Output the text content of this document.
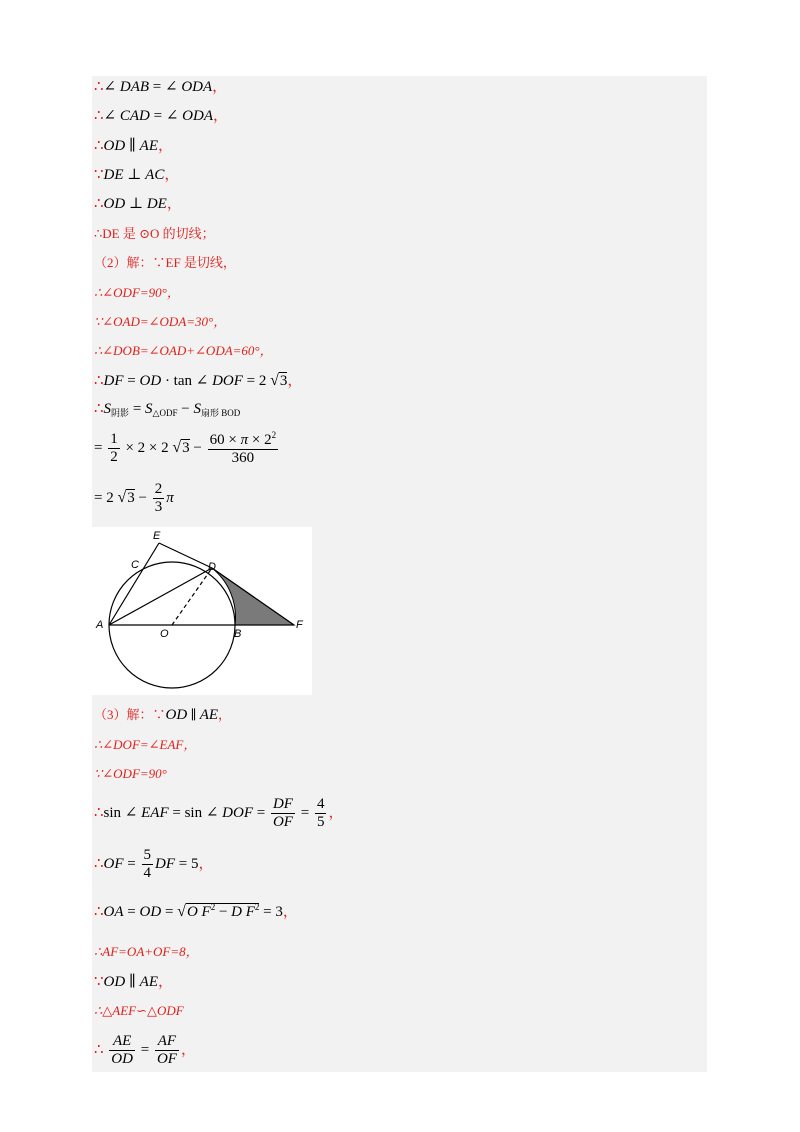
∴∠ DAB = ∠ ODA，
∴∠ CAD = ∠ ODA，
∴OD ∥ AE，
∵DE ⊥ AC，
∴OD ⊥ DE，
∴DE 是 ⊙O 的切线；
（2）解：∵EF 是切线，
∴∠ODF=90°，
∵∠OAD=∠ODA=30°，
∴∠DOB=∠OAD+∠ODA=60°，
∴DF = OD · tan ∠ DOF = 2 √3，
$\therefore S_{阴影} = S_{\triangle ODF} - S_{扇形 BOD}$
= $\frac{1}{2} \times 2 \times 2$ $√3 - \frac{60 \times \pi \times 2^2}{360}$
= 2 $√3 - \frac{2}{3}$ π
E
C	D
A
O	B
F
（3）解：∵OD ∥ AE，
∴∠DOF=∠EAF，
∵∠ODF=90°
∴sin ∠ EAF = sin ∠ DOF = $\frac{DF}{OF} = \frac{4}{5}$ ，
∴OF = $\frac{5}{4}$ DF = 5，
∴OA = OD = √O $F^2 - D$ $F^2 = 3$，
∴AF=OA+OF=8，
∵OD ∥ AE，
∴△AEF∽△ODF
∴ $\frac{AE}{OD} = \frac{AF}{OF}$ ，
